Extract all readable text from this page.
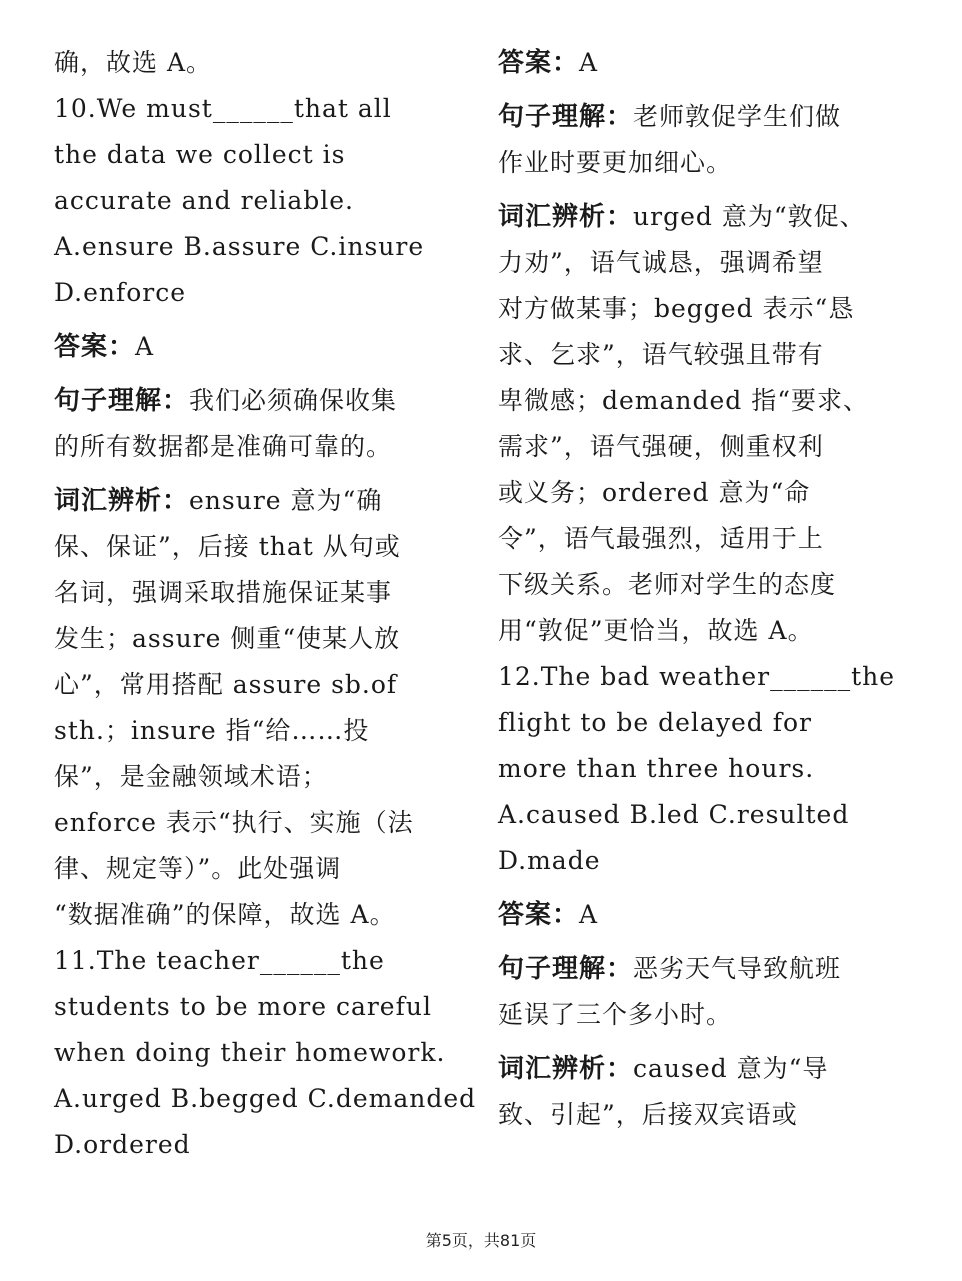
确，故选 A。
10.We must______that all
the data we collect is
accurate and reliable.
A.ensure B.assure C.insure
D.enforce
答案：A
句子理解：我们必须确保收集
的所有数据都是准确可靠的。
词汇辨析：ensure 意为“确
保、保证”，后接 that 从句或
名词，强调采取措施保证某事
发生；assure 侧重“使某人放
心”，常用搭配 assure sb.of
sth.；insure 指“给……投
保”，是金融领域术语；
enforce 表示“执行、实施（法
律、规定等）”。此处强调
“数据准确”的保障，故选 A。
11.The teacher______the
students to be more careful
when doing their homework.
A.urged B.begged C.demanded
D.ordered
答案：A
句子理解：老师敦促学生们做
作业时要更加细心。
词汇辨析：urged 意为“敦促、
力劝”，语气诚恳，强调希望
对方做某事；begged 表示“恳
求、乞求”，语气较强且带有
卑微感；demanded 指“要求、
需求”，语气强硬，侧重权利
或义务；ordered 意为“命
令”，语气最强烈，适用于上
下级关系。老师对学生的态度
用“敦促”更恰当，故选 A。
12.The bad weather______the
flight to be delayed for
more than three hours.
A.caused B.led C.resulted
D.made
答案：A
句子理解：恶劣天气导致航班
延误了三个多小时。
词汇辨析：caused 意为“导
致、引起”，后接双宾语或
第5页，共81页
